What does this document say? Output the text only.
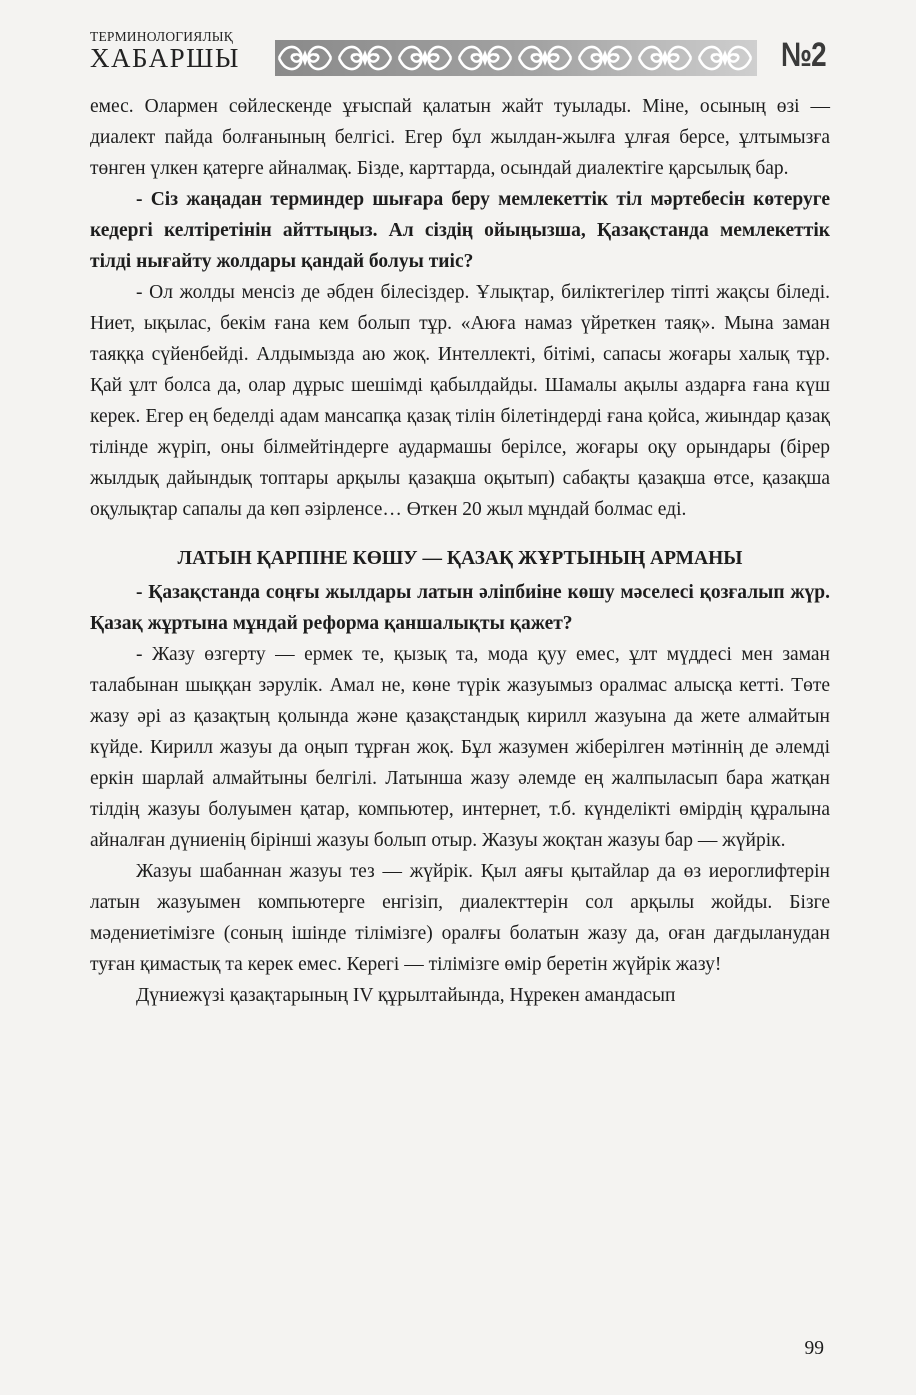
ТЕРМИНОЛОГИЯЛЫҚ
ХАБАРШЫ	№2

емес. Олармен сөйлескенде ұғыспай қалатын жайт туылады. Міне, осының өзі — диалект пайда болғанының белгісі. Егер бұл жылдан-жылға ұлғая берсе, ұлтымызға төнген үлкен қатерге айналмақ. Бізде, карттарда, осындай диалектіге қарсылық бар.

- Сіз жаңадан терминдер шығара беру мемлекеттік тіл мәртебесін көтеруге кедергі келтіретінін айттыңыз. Ал сіздің ойыңызша, Қазақстанда мемлекеттік тілді нығайту жолдары қандай болуы тиіс?

- Ол жолды менсіз де әбден білесіздер. Ұлықтар, биліктегілер тіпті жақсы біледі. Ниет, ықылас, бекім ғана кем болып тұр. «Аюға намаз үйреткен таяқ». Мына заман таяққа сүйенбейді. Алдымызда аю жоқ. Интеллекті, бітімі, сапасы жоғары халық тұр. Қай ұлт болса да, олар дұрыс шешімді қабылдайды. Шамалы ақылы аздарға ғана күш керек. Егер ең беделді адам мансапқа қазақ тілін білетіндерді ғана қойса, жиындар қазақ тілінде жүріп, оны білмейтіндерге аудармашы берілсе, жоғары оқу орындары (бірер жылдық дайындық топтары арқылы қазақша оқытып) сабақты қазақша өтсе, қазақша оқулықтар сапалы да көп әзірленсе… Өткен 20 жыл мұндай болмас еді.

ЛАТЫН ҚАРПІНЕ КӨШУ — ҚАЗАҚ ЖҰРТЫНЫҢ АРМАНЫ

- Қазақстанда соңғы жылдары латын әліпбиіне көшу мәселесі қозғалып жүр. Қазақ жұртына мұндай реформа қаншалықты қажет?

- Жазу өзгерту — ермек те, қызық та, мода қуу емес, ұлт мүддесі мен заман талабынан шыққан зәрулік. Амал не, көне түрік жазуымыз оралмас алысқа кетті. Төте жазу әрі аз қазақтың қолында және қазақстандық кирилл жазуына да жете алмайтын күйде. Кирилл жазуы да оңып тұрған жоқ. Бұл жазумен жіберілген мәтіннің де әлемді еркін шарлай алмайтыны белгілі. Латынша жазу әлемде ең жалпыласып бара жатқан тілдің жазуы болуымен қатар, компьютер, интернет, т.б. күнделікті өмірдің құралына айналған дүниенің бірінші жазуы болып отыр. Жазуы жоқтан жазуы бар — жүйрік.

Жазуы шабаннан жазуы тез — жүйрік. Қыл аяғы қытайлар да өз иероглифтерін латын жазуымен компьютерге енгізіп, диалекттерін сол арқылы жойды. Бізге мәдениетімізге (соның ішінде тілімізге) оралғы болатын жазу да, оған дағдыланудан туған қимастық та керек емес. Керегі — тілімізге өмір беретін жүйрік жазу!

Дүниежүзі қазақтарының IV құрылтайында, Нұрекен амандасып

99
